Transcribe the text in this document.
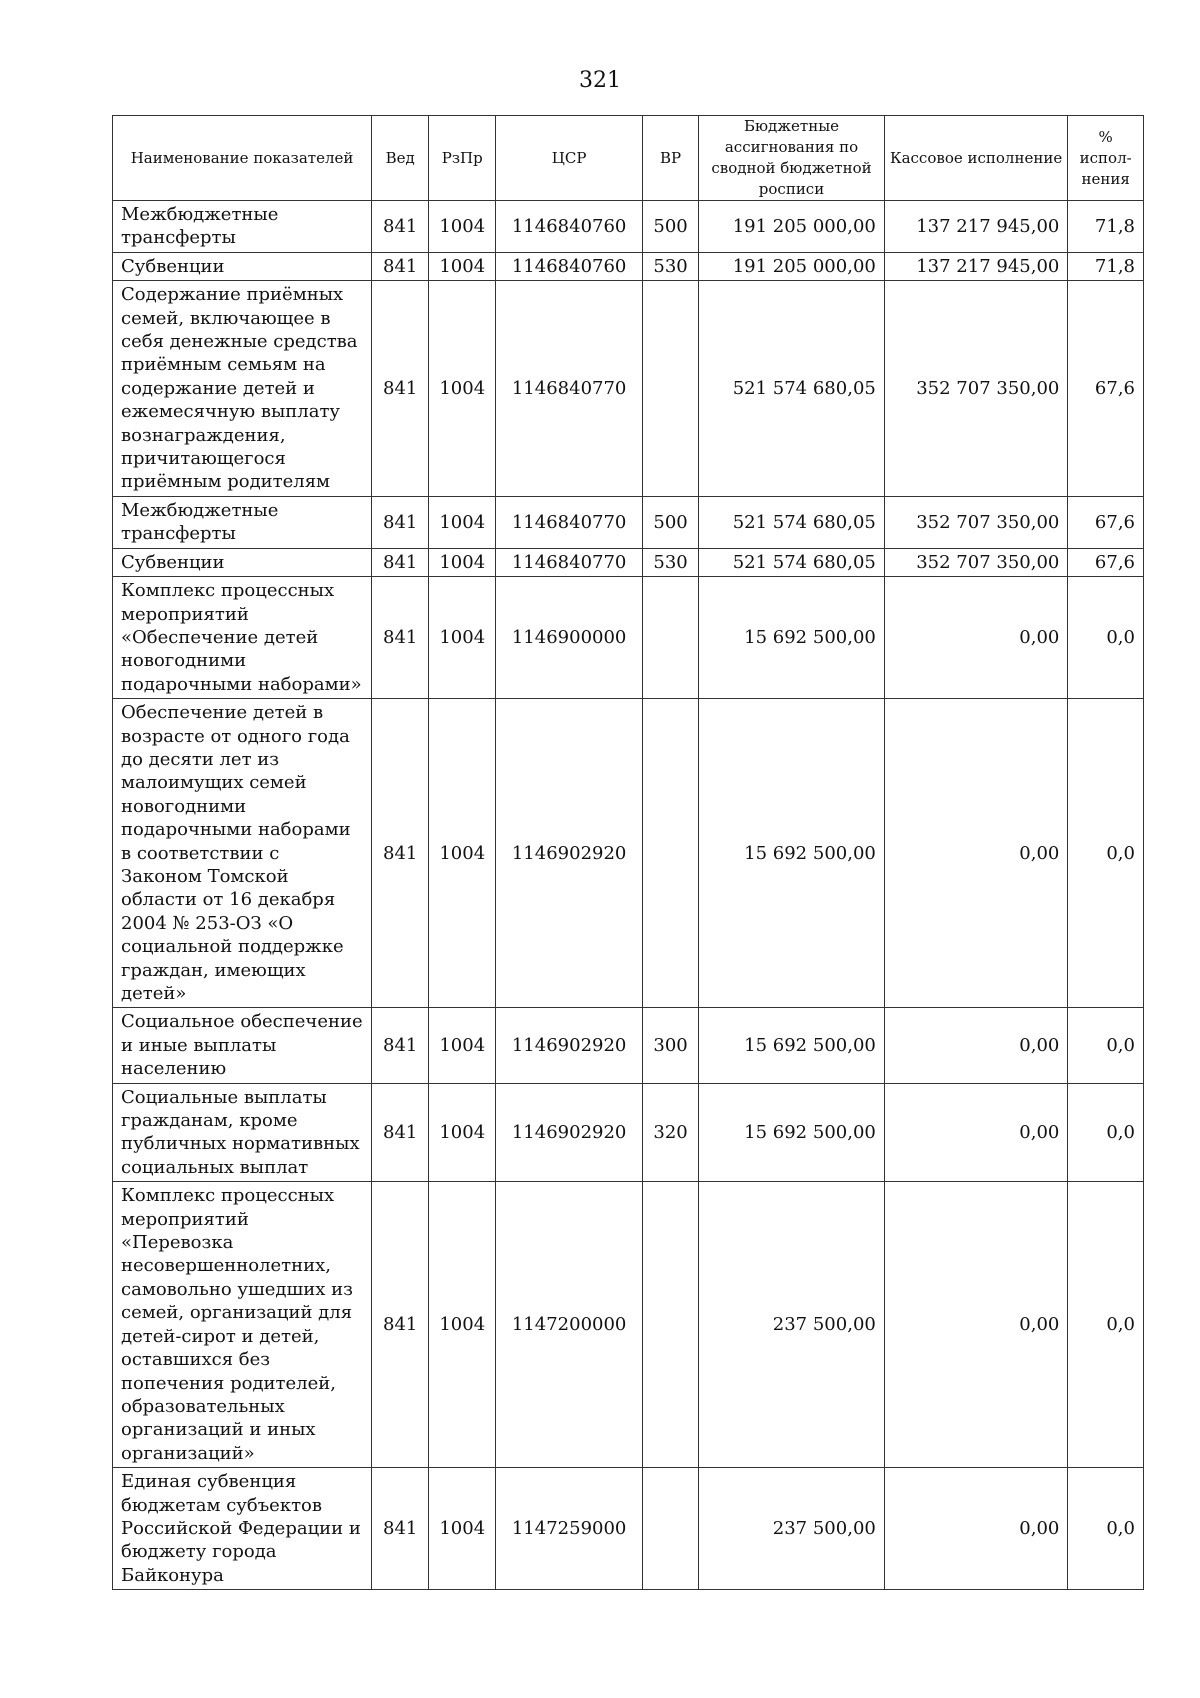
321
Наименование показателей	Вед	РзПр	ЦСР	ВР	Бюджетные ассигнования по сводной бюджетной росписи	Кассовое исполнение	% испол-нения
Межбюджетные трансферты	841	1004	1146840760	500	191 205 000,00	137 217 945,00	71,8
Субвенции	841	1004	1146840760	530	191 205 000,00	137 217 945,00	71,8
Содержание приёмных семей, включающее в себя денежные средства приёмным семьям на содержание детей и ежемесячную выплату вознаграждения, причитающегося приёмным родителям	841	1004	1146840770		521 574 680,05	352 707 350,00	67,6
Межбюджетные трансферты	841	1004	1146840770	500	521 574 680,05	352 707 350,00	67,6
Субвенции	841	1004	1146840770	530	521 574 680,05	352 707 350,00	67,6
Комплекс процессных мероприятий «Обеспечение детей новогодними подарочными наборами»	841	1004	1146900000		15 692 500,00	0,00	0,0
Обеспечение детей в возрасте от одного года до десяти лет из малоимущих семей новогодними подарочными наборами в соответствии с Законом Томской области от 16 декабря 2004 № 253-ОЗ «О социальной поддержке граждан, имеющих детей»	841	1004	1146902920		15 692 500,00	0,00	0,0
Социальное обеспечение и иные выплаты населению	841	1004	1146902920	300	15 692 500,00	0,00	0,0
Социальные выплаты гражданам, кроме публичных нормативных социальных выплат	841	1004	1146902920	320	15 692 500,00	0,00	0,0
Комплекс процессных мероприятий «Перевозка несовершеннолетних, самовольно ушедших из семей, организаций для детей-сирот и детей, оставшихся без попечения родителей, образовательных организаций и иных организаций»	841	1004	1147200000		237 500,00	0,00	0,0
Единая субвенция бюджетам субъектов Российской Федерации и бюджету города Байконура	841	1004	1147259000		237 500,00	0,00	0,0
